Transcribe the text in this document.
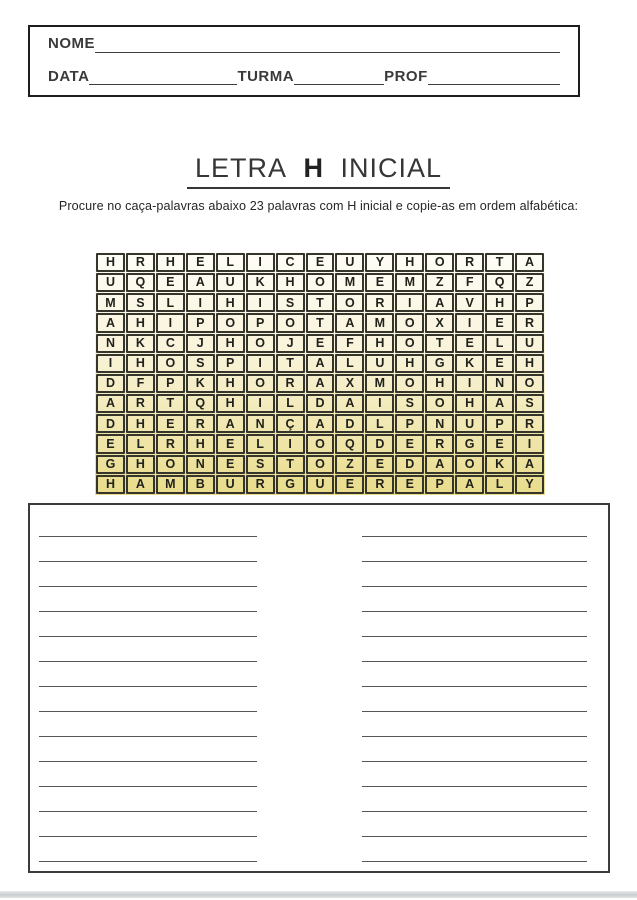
NOME
DATA	TURMA	PROF
LETRA H INICIAL
Procure no caça-palavras abaixo 23 palavras com H inicial e copie-as em ordem alfabética:
H	R	H	E	L	I	C	E	U	Y	H	O	R	T	A
U	Q	E	A	U	K	H	O	M	E	M	Z	F	Q	Z
M	S	L	I	H	I	S	T	O	R	I	A	V	H	P
A	H	I	P	O	P	O	T	A	M	O	X	I	E	R
N	K	C	J	H	O	J	E	F	H	O	T	E	L	U
I	H	O	S	P	I	T	A	L	U	H	G	K	E	H
D	F	P	K	H	O	R	A	X	M	O	H	I	N	O
A	R	T	Q	H	I	L	D	A	I	S	O	H	A	S
D	H	E	R	A	N	Ç	A	D	L	P	N	U	P	R
E	L	R	H	E	L	I	O	Q	D	E	R	G	E	I
G	H	O	N	E	S	T	O	Z	E	D	A	O	K	A
H	A	M	B	U	R	G	U	E	R	E	P	A	L	Y
